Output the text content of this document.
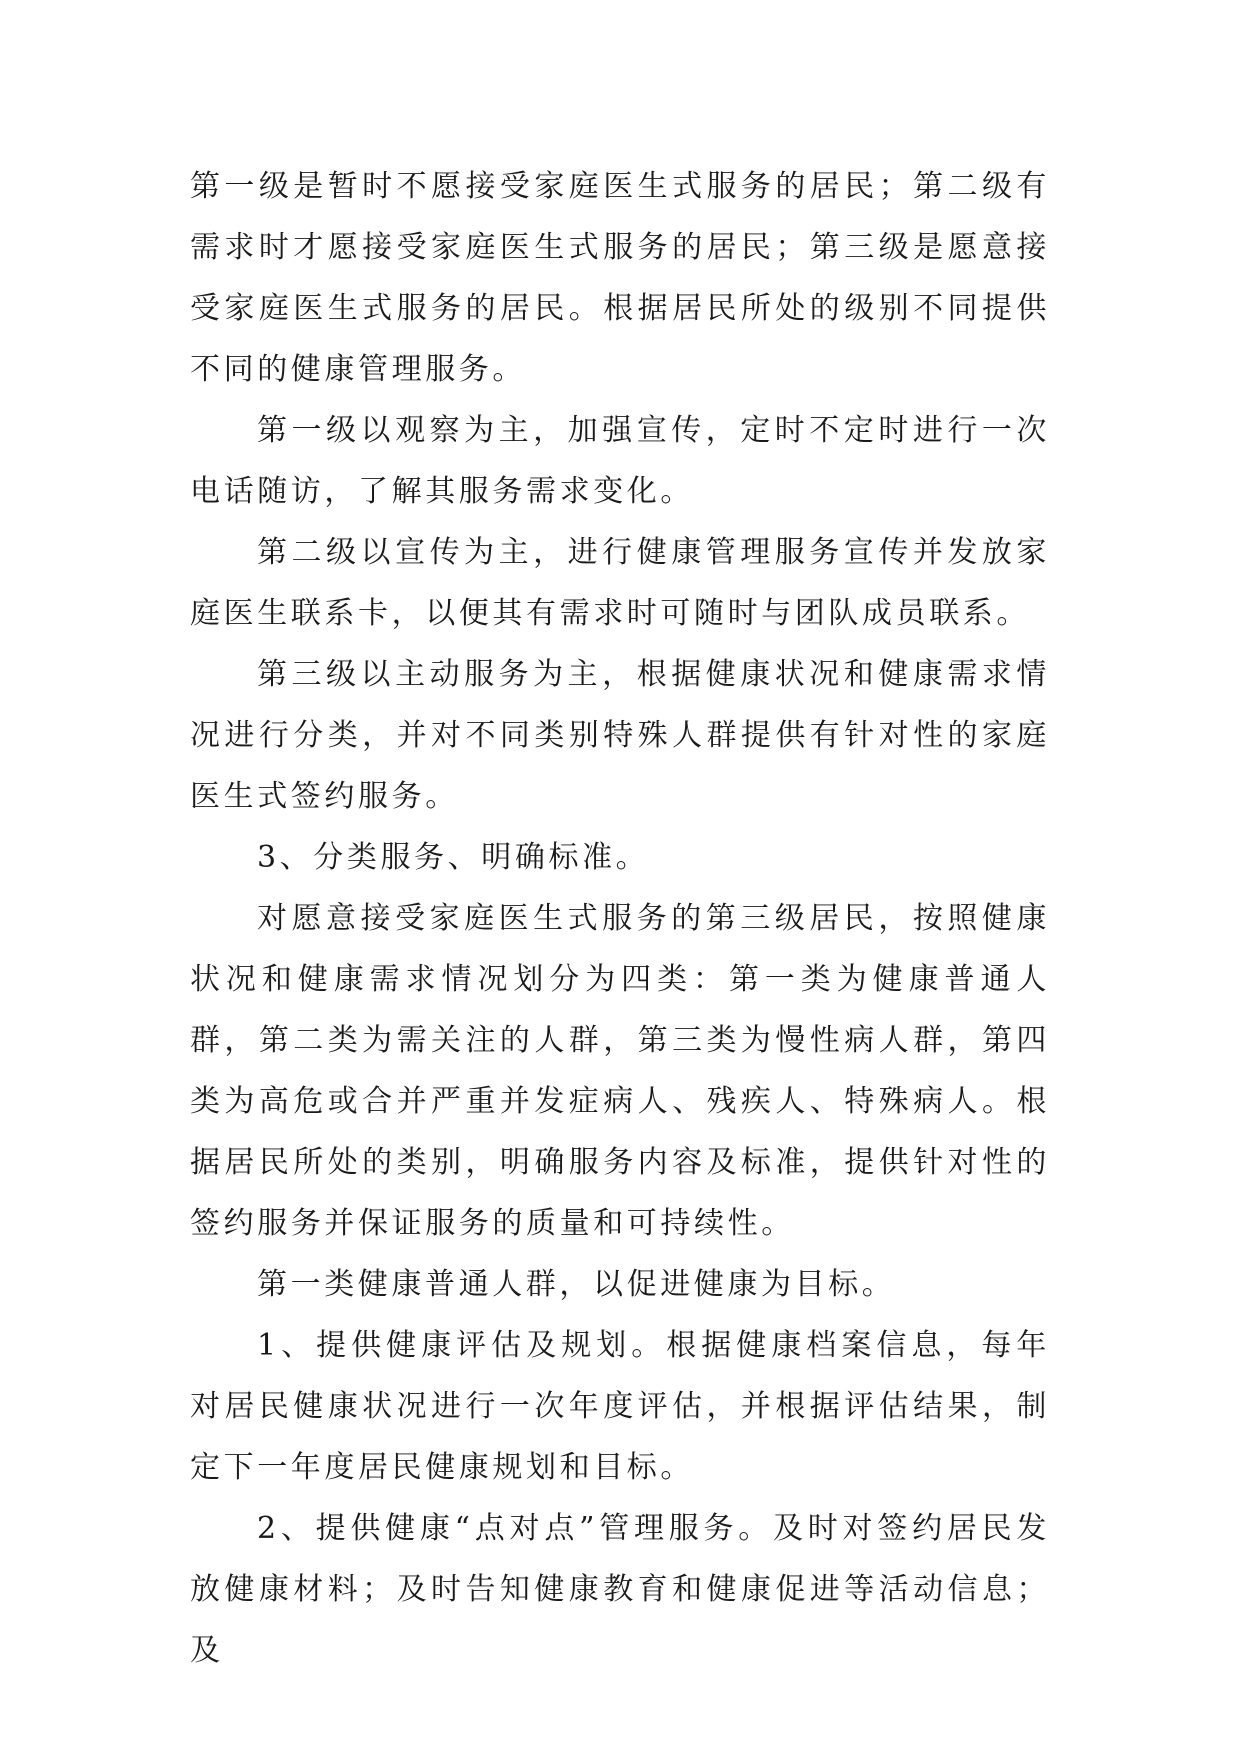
第一级是暂时不愿接受家庭医生式服务的居民；第二级有需求时才愿接受家庭医生式服务的居民；第三级是愿意接受家庭医生式服务的居民。根据居民所处的级别不同提供不同的健康管理服务。

第一级以观察为主，加强宣传，定时不定时进行一次电话随访，了解其服务需求变化。

第二级以宣传为主，进行健康管理服务宣传并发放家庭医生联系卡，以便其有需求时可随时与团队成员联系。

第三级以主动服务为主，根据健康状况和健康需求情况进行分类，并对不同类别特殊人群提供有针对性的家庭医生式签约服务。

3、分类服务、明确标准。

对愿意接受家庭医生式服务的第三级居民，按照健康状况和健康需求情况划分为四类：第一类为健康普通人群，第二类为需关注的人群，第三类为慢性病人群，第四类为高危或合并严重并发症病人、残疾人、特殊病人。根据居民所处的类别，明确服务内容及标准，提供针对性的签约服务并保证服务的质量和可持续性。

第一类健康普通人群，以促进健康为目标。

1、提供健康评估及规划。根据健康档案信息，每年对居民健康状况进行一次年度评估，并根据评估结果，制定下一年度居民健康规划和目标。

2、提供健康“点对点”管理服务。及时对签约居民发放健康材料；及时告知健康教育和健康促进等活动信息；及
